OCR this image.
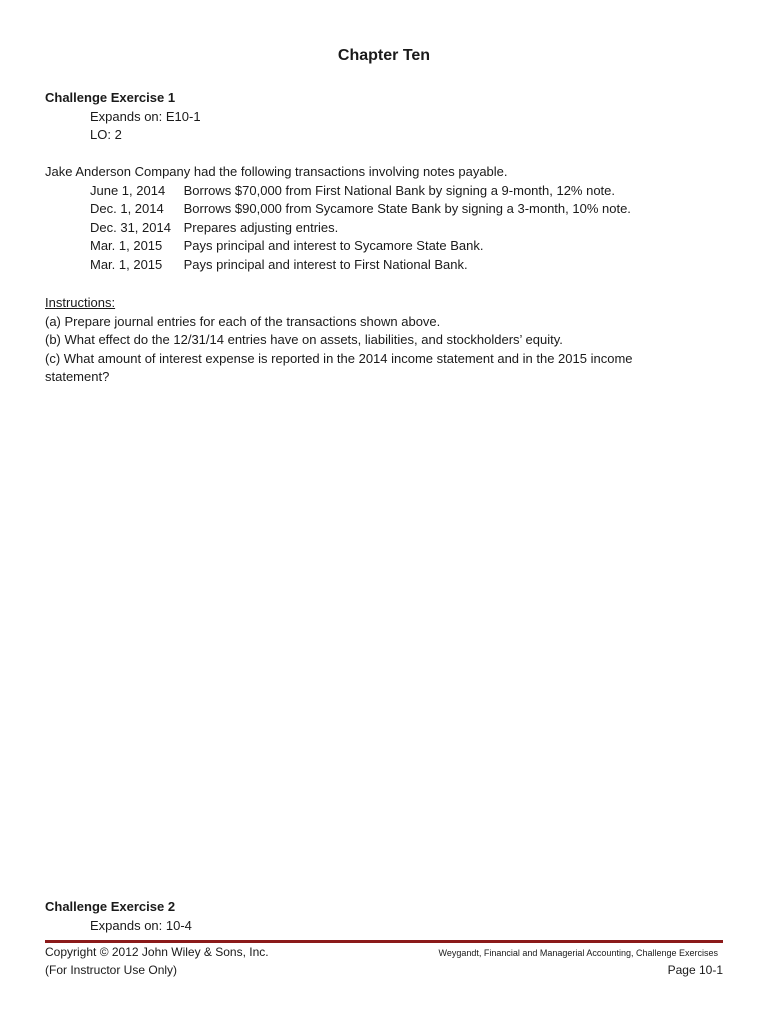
Chapter Ten
Challenge Exercise 1
Expands on: E10-1
LO: 2
Jake Anderson Company had the following transactions involving notes payable.
June 1, 2014 Borrows $70,000 from First National Bank by signing a 9-month, 12% note.
Dec. 1, 2014 Borrows $90,000 from Sycamore State Bank by signing a 3-month, 10% note.
Dec. 31, 2014 Prepares adjusting entries.
Mar. 1, 2015 Pays principal and interest to Sycamore State Bank.
Mar. 1, 2015 Pays principal and interest to First National Bank.
Instructions:
(a) Prepare journal entries for each of the transactions shown above.
(b) What effect do the 12/31/14 entries have on assets, liabilities, and stockholders’ equity.
(c) What amount of interest expense is reported in the 2014 income statement and in the 2015 income statement?
Challenge Exercise 2
Expands on: 10-4
Copyright © 2012 John Wiley & Sons, Inc.
(For Instructor Use Only)
Weygandt, Financial and Managerial Accounting, Challenge Exercises
Page 10-1
